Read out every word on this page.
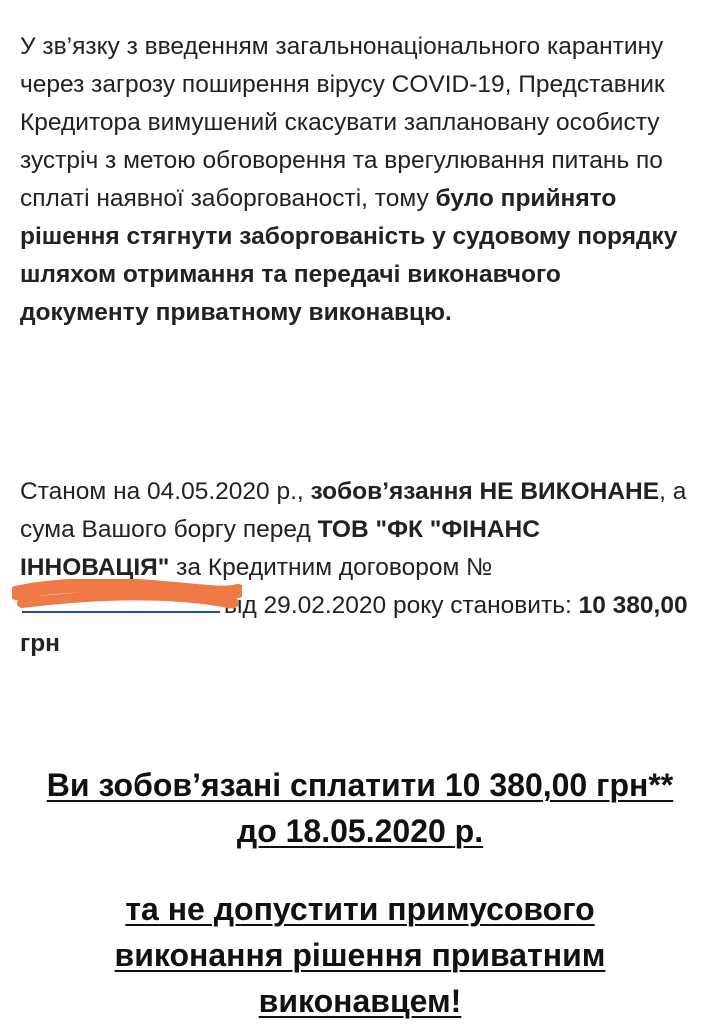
У зв’язку з введенням загальнонаціонального карантину через загрозу поширення вірусу COVID-19, Представник Кредитора вимушений скасувати заплановану особисту зустріч з метою обговорення та врегулювання питань по сплаті наявної заборгованості, тому було прийнято рішення стягнути заборгованість у судовому порядку шляхом отримання та передачі виконавчого документу приватному виконавцю.

Станом на 04.05.2020 р., зобов’язання НЕ ВИКОНАНЕ, а сума Вашого боргу перед ТОВ "ФК "ФІНАНС ІННОВАЦІЯ" за Кредитним договором №
від 29.02.2020 року становить: 10 380,00 грн

Ви зобов’язані сплатити 10 380,00 грн** до 18.05.2020 р.
та не допустити примусового виконання рішення приватним виконавцем!
